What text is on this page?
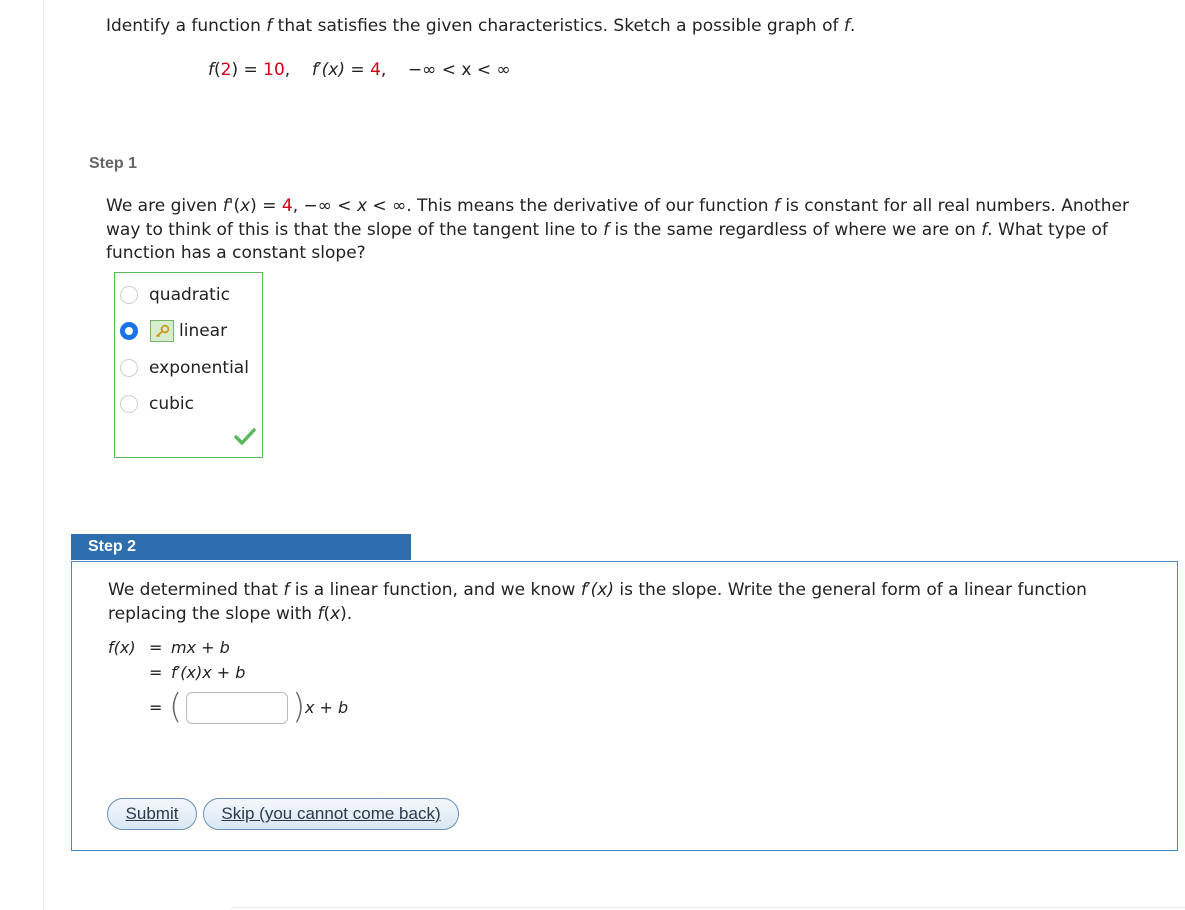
Identify a function f that satisfies the given characteristics. Sketch a possible graph of f.
f(2) = 10,    f′(x) = 4,    −∞ < x < ∞
Step 1
We are given f'(x) = 4, −∞ < x < ∞. This means the derivative of our function f is constant for all real numbers. Another way to think of this is that the slope of the tangent line to f is the same regardless of where we are on f. What type of function has a constant slope?
quadratic
linear
exponential
cubic
Step 2
We determined that f is a linear function, and we know f′(x) is the slope. Write the general form of a linear function replacing the slope with f(x).
f(x) = mx + b
= f′(x)x + b
= (	) x + b
Submit	Skip (you cannot come back)
